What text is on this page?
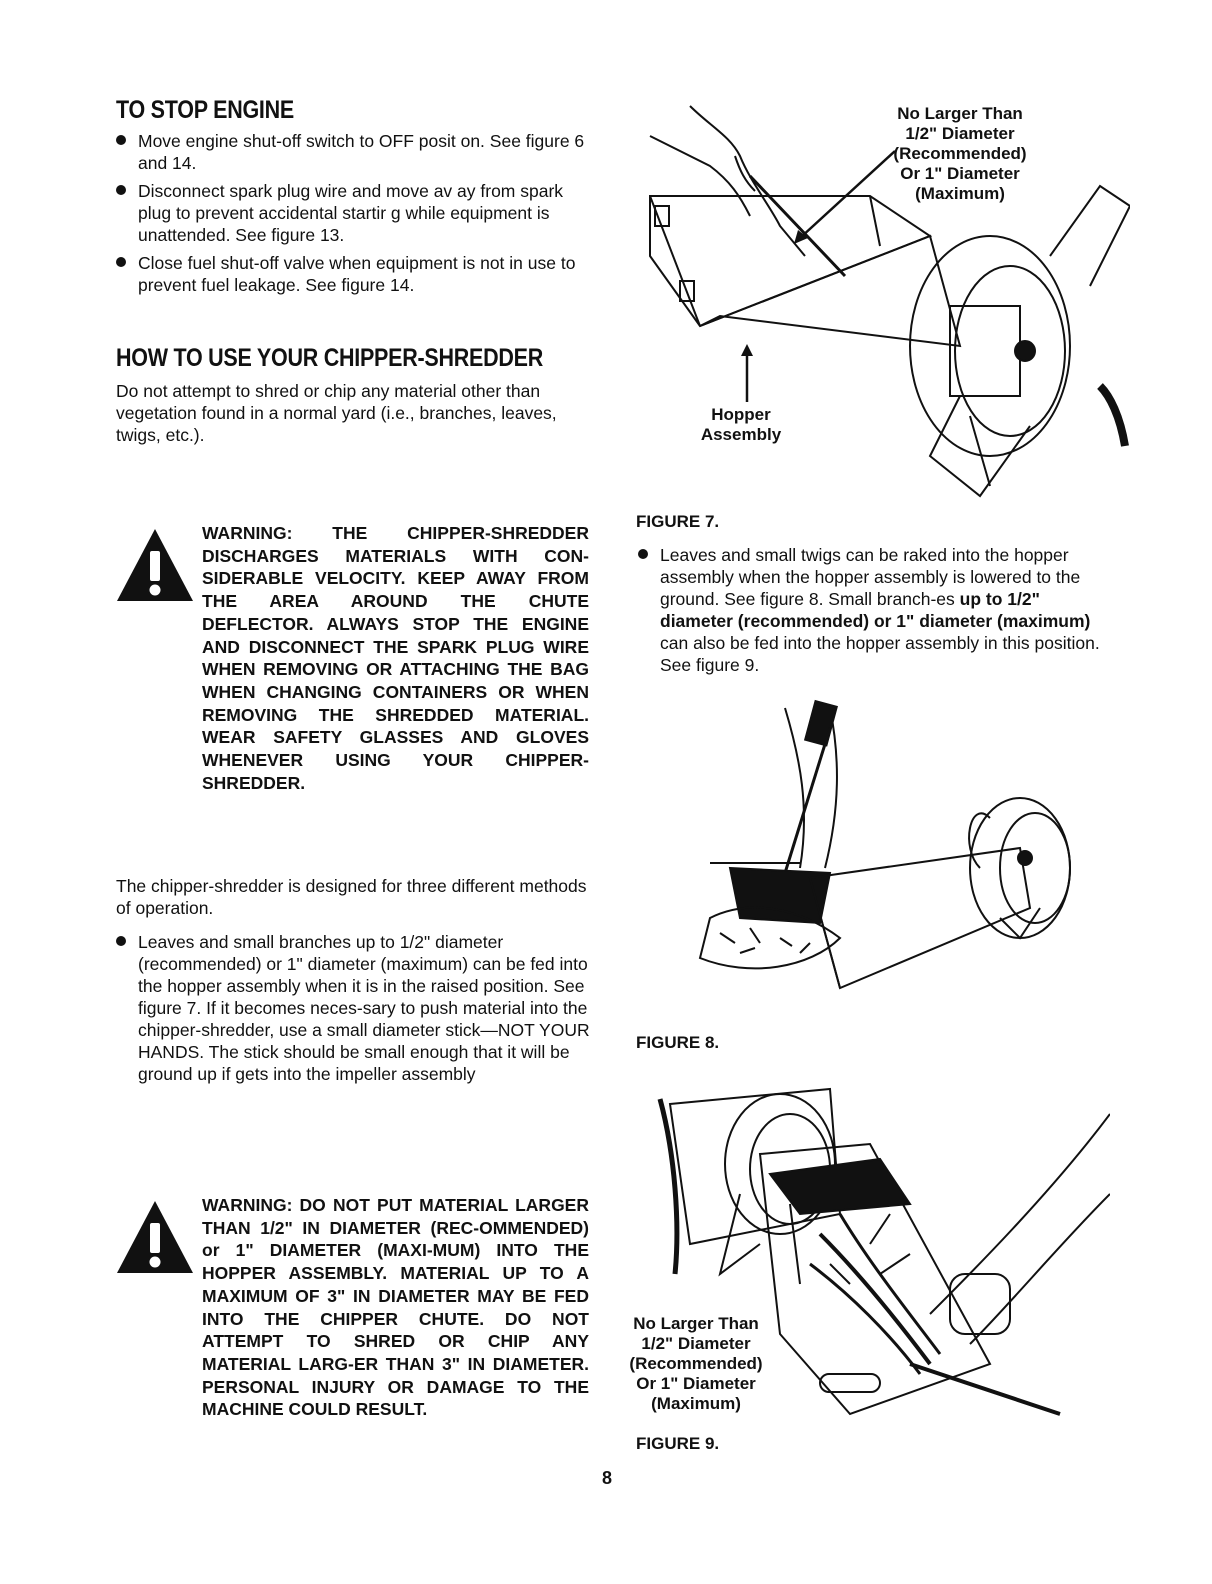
TO STOP ENGINE
Move engine shut-off switch to OFF posit on. See figure 6 and 14.
Disconnect spark plug wire and move av ay from spark plug to prevent accidental startir g while equipment is unattended. See figure 13.
Close fuel shut-off valve when equipment is not in use to prevent fuel leakage. See figure 14.
HOW TO USE YOUR CHIPPER-SHREDDER
Do not attempt to shred or chip any material other than vegetation found in a normal yard (i.e., branches, leaves, twigs, etc.).
WARNING: THE CHIPPER-SHREDDER DISCHARGES MATERIALS WITH CON-SIDERABLE VELOCITY. KEEP AWAY FROM THE AREA AROUND THE CHUTE DEFLECTOR. ALWAYS STOP THE ENGINE AND DISCONNECT THE SPARK PLUG WIRE WHEN REMOVING OR ATTACHING THE BAG WHEN CHANGING CONTAINERS OR WHEN REMOVING THE SHREDDED MATERIAL. WEAR SAFETY GLASSES AND GLOVES WHENEVER USING YOUR CHIPPER-SHREDDER.
The chipper-shredder is designed for three different methods of operation.
Leaves and small branches up to 1/2" diameter (recommended) or 1" diameter (maximum) can be fed into the hopper assembly when it is in the raised position. See figure 7. If it becomes neces-sary to push material into the chipper-shredder, use a small diameter stick—NOT YOUR HANDS. The stick should be small enough that it will be ground up if gets into the impeller assembly
WARNING: DO NOT PUT MATERIAL LARGER THAN 1/2" IN DIAMETER (REC-OMMENDED) or 1" DIAMETER (MAXI-MUM) INTO THE HOPPER ASSEMBLY. MATERIAL UP TO A MAXIMUM OF 3" IN DIAMETER MAY BE FED INTO THE CHIPPER CHUTE. DO NOT ATTEMPT TO SHRED OR CHIP ANY MATERIAL LARG-ER THAN 3" IN DIAMETER. PERSONAL INJURY OR DAMAGE TO THE MACHINE COULD RESULT.
No Larger Than
1/2" Diameter
(Recommended)
Or 1" Diameter
(Maximum)
Hopper
Assembly
FIGURE 7.
Leaves and small twigs can be raked into the hopper assembly when the hopper assembly is lowered to the ground. See figure 8. Small branch-es up to 1/2" diameter (recommended) or 1" diameter (maximum) can also be fed into the hopper assembly in this position. See figure 9.
FIGURE 8.
No Larger Than
1/2" Diameter
(Recommended)
Or 1" Diameter
(Maximum)
FIGURE 9.
8
